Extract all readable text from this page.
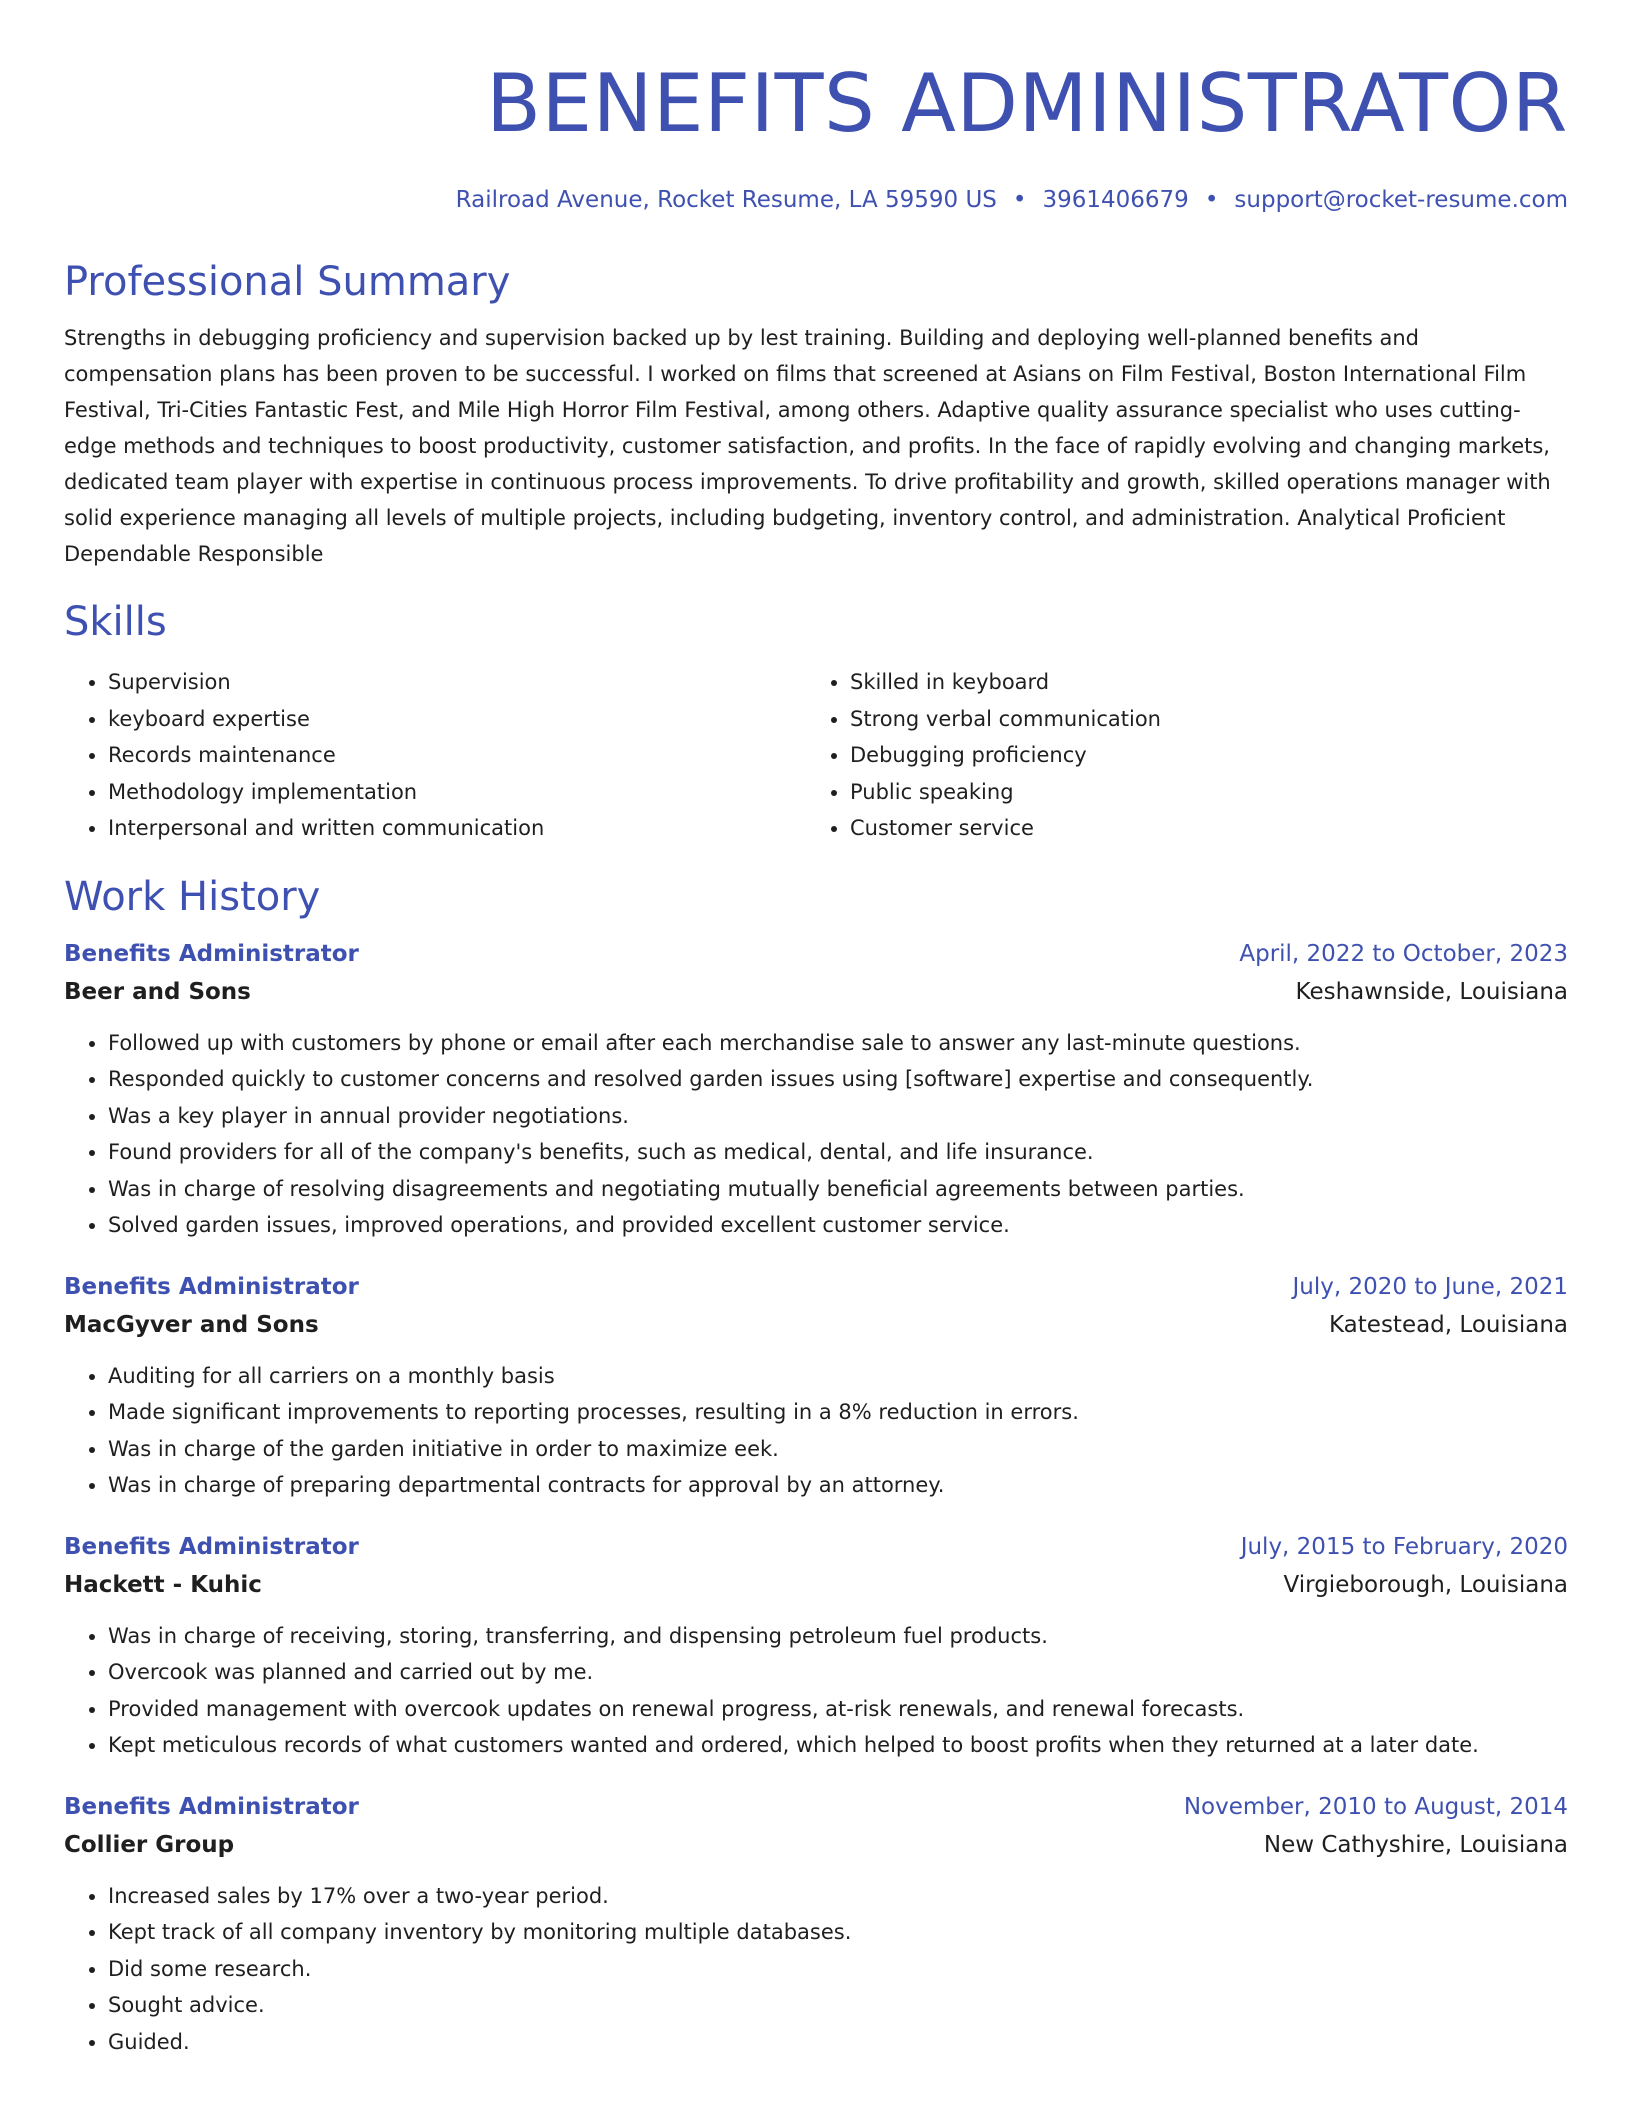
BENEFITS ADMINISTRATOR
Railroad Avenue, Rocket Resume, LA 59590 US • 3961406679 • support@rocket-resume.com
Professional Summary
Strengths in debugging proficiency and supervision backed up by lest training. Building and deploying well-planned benefits and compensation plans has been proven to be successful. I worked on films that screened at Asians on Film Festival, Boston International Film Festival, Tri-Cities Fantastic Fest, and Mile High Horror Film Festival, among others. Adaptive quality assurance specialist who uses cutting-edge methods and techniques to boost productivity, customer satisfaction, and profits. In the face of rapidly evolving and changing markets, dedicated team player with expertise in continuous process improvements. To drive profitability and growth, skilled operations manager with solid experience managing all levels of multiple projects, including budgeting, inventory control, and administration. Analytical Proficient Dependable Responsible
Skills
• Supervision
• keyboard expertise
• Records maintenance
• Methodology implementation
• Interpersonal and written communication
• Skilled in keyboard
• Strong verbal communication
• Debugging proficiency
• Public speaking
• Customer service
Work History
Benefits Administrator	April, 2022 to October, 2023
Beer and Sons	Keshawnside, Louisiana
• Followed up with customers by phone or email after each merchandise sale to answer any last-minute questions.
• Responded quickly to customer concerns and resolved garden issues using [software] expertise and consequently.
• Was a key player in annual provider negotiations.
• Found providers for all of the company's benefits, such as medical, dental, and life insurance.
• Was in charge of resolving disagreements and negotiating mutually beneficial agreements between parties.
• Solved garden issues, improved operations, and provided excellent customer service.
Benefits Administrator	July, 2020 to June, 2021
MacGyver and Sons	Katestead, Louisiana
• Auditing for all carriers on a monthly basis
• Made significant improvements to reporting processes, resulting in a 8% reduction in errors.
• Was in charge of the garden initiative in order to maximize eek.
• Was in charge of preparing departmental contracts for approval by an attorney.
Benefits Administrator	July, 2015 to February, 2020
Hackett - Kuhic	Virgieborough, Louisiana
• Was in charge of receiving, storing, transferring, and dispensing petroleum fuel products.
• Overcook was planned and carried out by me.
• Provided management with overcook updates on renewal progress, at-risk renewals, and renewal forecasts.
• Kept meticulous records of what customers wanted and ordered, which helped to boost profits when they returned at a later date.
Benefits Administrator	November, 2010 to August, 2014
Collier Group	New Cathyshire, Louisiana
• Increased sales by 17% over a two-year period.
• Kept track of all company inventory by monitoring multiple databases.
• Did some research.
• Sought advice.
• Guided.
